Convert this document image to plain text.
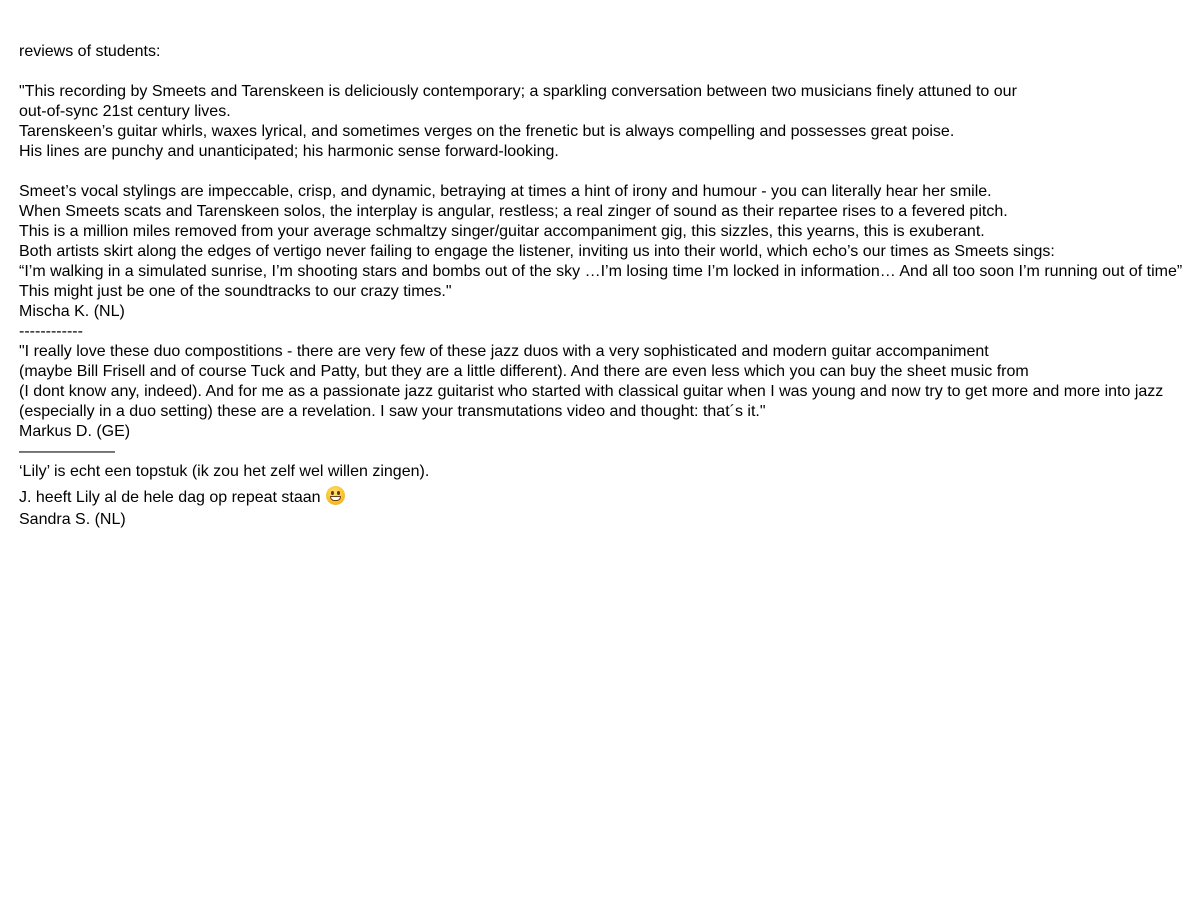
reviews of students:
"This recording by Smeets and Tarenskeen is deliciously contemporary; a sparkling conversation between two musicians finely attuned to our
out-of-sync 21st century lives.
Tarenskeen’s guitar whirls, waxes lyrical, and sometimes verges on the frenetic but is always compelling and possesses great poise.
His lines are punchy and unanticipated; his harmonic sense forward-looking.
Smeet’s vocal stylings are impeccable, crisp, and dynamic, betraying at times a hint of irony and humour - you can literally hear her smile.
When Smeets scats and Tarenskeen solos, the interplay is angular, restless; a real zinger of sound as their repartee rises to a fevered pitch.
This is a million miles removed from your average schmaltzy singer/guitar accompaniment gig, this sizzles, this yearns, this is exuberant.
Both artists skirt along the edges of vertigo never failing to engage the listener, inviting us into their world, which echo’s our times as Smeets sings:
“I’m walking in a simulated sunrise, I’m shooting stars and bombs out of the sky …I’m losing time I’m locked in information… And all too soon I’m running out of time”
This might just be one of the soundtracks to our crazy times."
Mischa K. (NL)
------------
"I really love these duo compostitions - there are very few of these jazz duos with a very sophisticated and modern guitar accompaniment
(maybe Bill Frisell and of course Tuck and Patty, but they are a little different). And there are even less which you can buy the sheet music from
(I dont know any, indeed). And for me as a passionate jazz guitarist who started with classical guitar when I was young and now try to get more and more into jazz
(especially in a duo setting) these are a revelation. I saw your transmutations video and thought: that´s it."
Markus D. (GE)
——————
‘Lily’ is echt een topstuk (ik zou het zelf wel willen zingen).
J. heeft Lily al de hele dag op repeat staan
Sandra S. (NL)
